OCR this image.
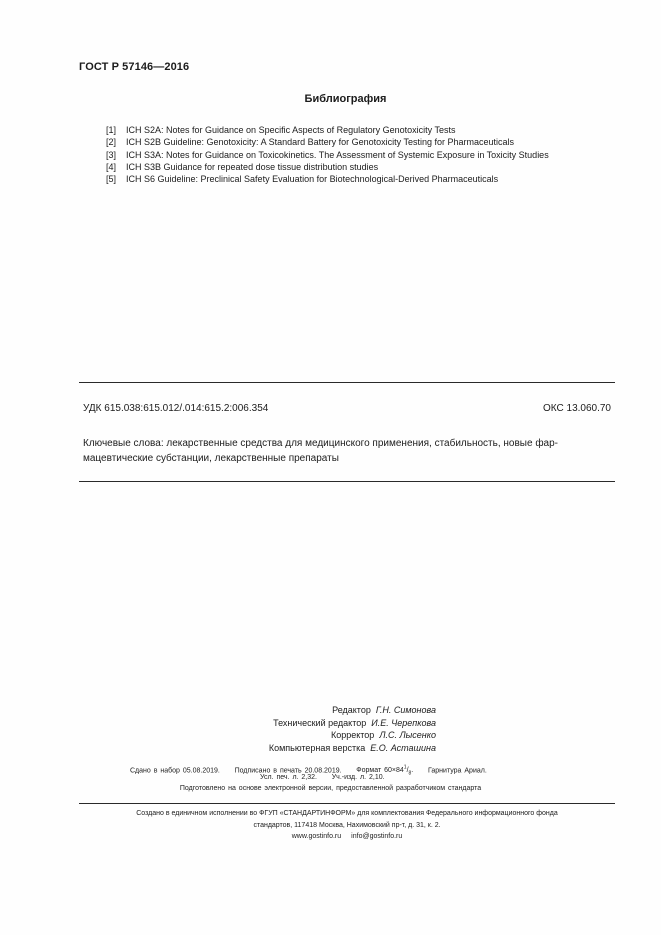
ГОСТ Р 57146—2016
Библиография
[1] ICH S2A: Notes for Guidance on Specific Aspects of Regulatory Genotoxicity Tests
[2] ICH S2B Guideline: Genotoxicity: A Standard Battery for Genotoxicity Testing for Pharmaceuticals
[3] ICH S3A: Notes for Guidance on Toxicokinetics. The Assessment of Systemic Exposure in Toxicity Studies
[4] ICH S3B Guidance for repeated dose tissue distribution studies
[5] ICH S6 Guideline: Preclinical Safety Evaluation for Biotechnological-Derived Pharmaceuticals
УДК 615.038:615.012/.014:615.2:006.354	ОКС 13.060.70
Ключевые слова: лекарственные средства для медицинского применения, стабильность, новые фар-мацевтические субстанции, лекарственные препараты
Редактор Г.Н. Симонова
Технический редактор И.Е. Черепкова
Корректор Л.С. Лысенко
Компьютерная верстка Е.О. Асташина
Сдано в набор 05.08.2019. Подписано в печать 20.08.2019. Формат $60\times 84^1/_8$. Гарнитура Ариал.
Усл. печ. л. 2,32. Уч.-изд. л. 2,10.
Подготовлено на основе электронной версии, предоставленной разработчиком стандарта
Создано в единичном исполнении во ФГУП «СТАНДАРТИНФОРМ» для комплектования Федерального информационного фонда
стандартов, 117418 Москва, Нахимовский пр-т, д. 31, к. 2.
www.gostinfo.ru info@gostinfo.ru
